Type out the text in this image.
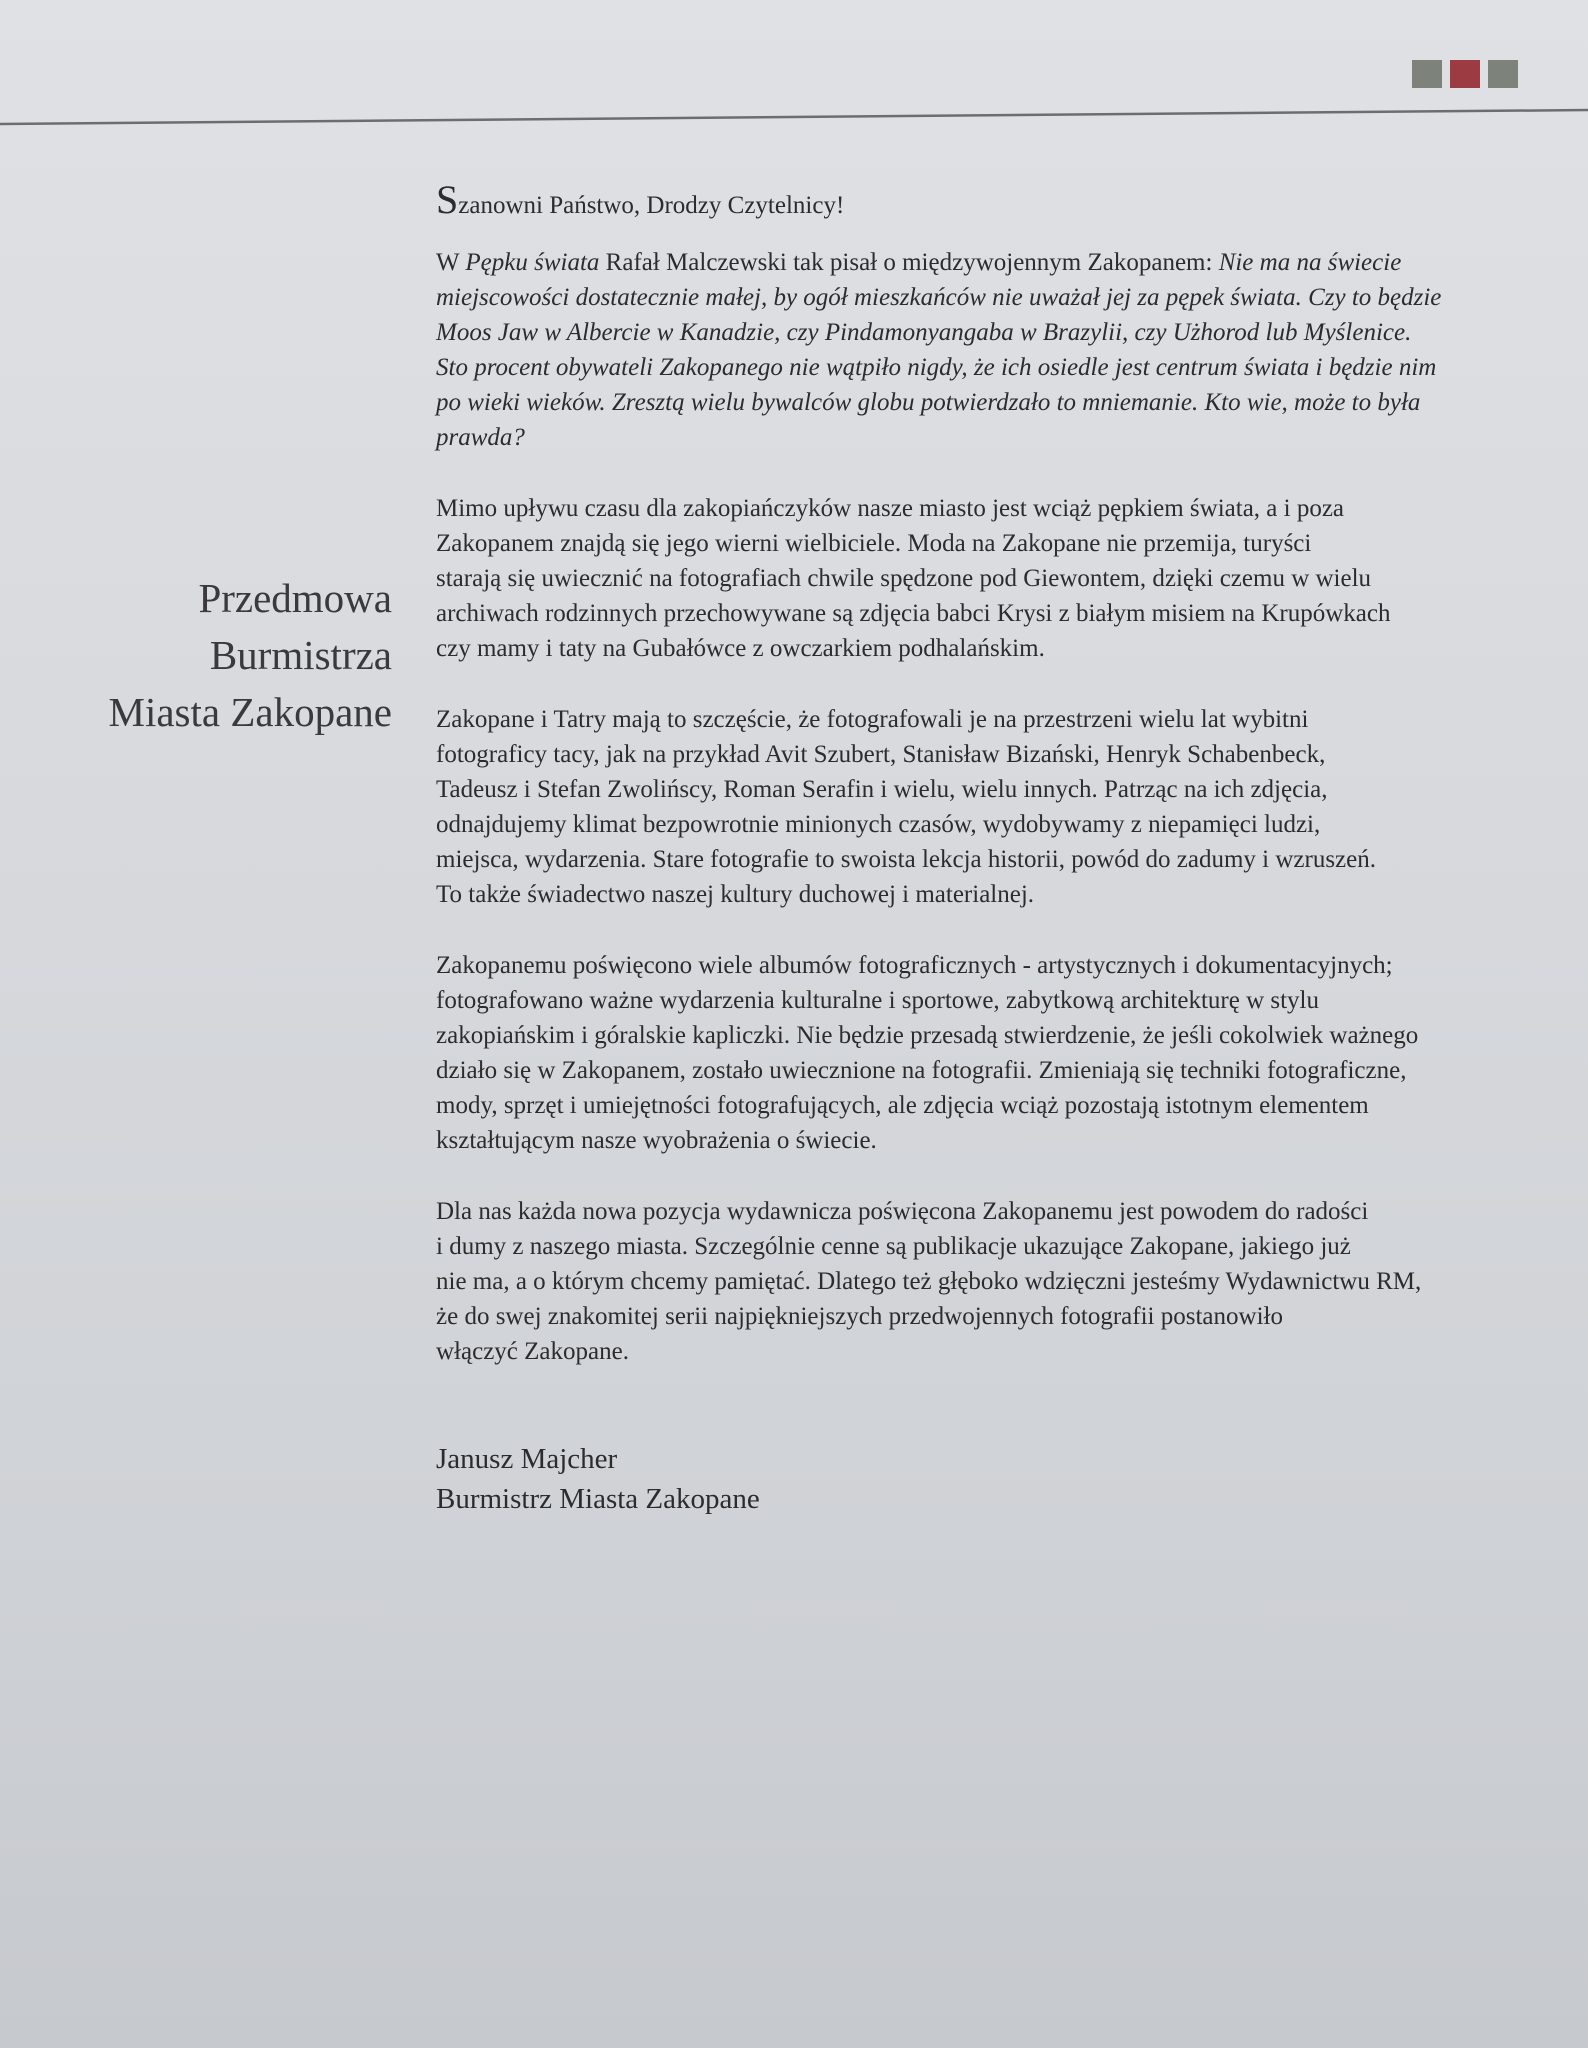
Przedmowa
Burmistrza
Miasta Zakopane
Szanowni Państwo, Drodzy Czytelnicy!
W Pępku świata Rafał Malczewski tak pisał o międzywojennym Zakopanem: Nie ma na świecie
miejscowości dostatecznie małej, by ogół mieszkańców nie uważał jej za pępek świata. Czy to będzie
Moos Jaw w Albercie w Kanadzie, czy Pindamonyangaba w Brazylii, czy Użhorod lub Myślenice.
Sto procent obywateli Zakopanego nie wątpiło nigdy, że ich osiedle jest centrum świata i będzie nim
po wieki wieków. Zresztą wielu bywalców globu potwierdzało to mniemanie. Kto wie, może to była
prawda?
Mimo upływu czasu dla zakopiańczyków nasze miasto jest wciąż pępkiem świata, a i poza
Zakopanem znajdą się jego wierni wielbiciele. Moda na Zakopane nie przemija, turyści
starają się uwiecznić na fotografiach chwile spędzone pod Giewontem, dzięki czemu w wielu
archiwach rodzinnych przechowywane są zdjęcia babci Krysi z białym misiem na Krupówkach
czy mamy i taty na Gubałówce z owczarkiem podhalańskim.
Zakopane i Tatry mają to szczęście, że fotografowali je na przestrzeni wielu lat wybitni
fotograficy tacy, jak na przykład Avit Szubert, Stanisław Bizański, Henryk Schabenbeck,
Tadeusz i Stefan Zwolińscy, Roman Serafin i wielu, wielu innych. Patrząc na ich zdjęcia,
odnajdujemy klimat bezpowrotnie minionych czasów, wydobywamy z niepamięci ludzi,
miejsca, wydarzenia. Stare fotografie to swoista lekcja historii, powód do zadumy i wzruszeń.
To także świadectwo naszej kultury duchowej i materialnej.
Zakopanemu poświęcono wiele albumów fotograficznych - artystycznych i dokumentacyjnych;
fotografowano ważne wydarzenia kulturalne i sportowe, zabytkową architekturę w stylu
zakopiańskim i góralskie kapliczki. Nie będzie przesadą stwierdzenie, że jeśli cokolwiek ważnego
działo się w Zakopanem, zostało uwiecznione na fotografii. Zmieniają się techniki fotograficzne,
mody, sprzęt i umiejętności fotografujących, ale zdjęcia wciąż pozostają istotnym elementem
kształtującym nasze wyobrażenia o świecie.
Dla nas każda nowa pozycja wydawnicza poświęcona Zakopanemu jest powodem do radości
i dumy z naszego miasta. Szczególnie cenne są publikacje ukazujące Zakopane, jakiego już
nie ma, a o którym chcemy pamiętać. Dlatego też głęboko wdzięczni jesteśmy Wydawnictwu RM,
że do swej znakomitej serii najpiękniejszych przedwojennych fotografii postanowiło
włączyć Zakopane.
Janusz Majcher
Burmistrz Miasta Zakopane
